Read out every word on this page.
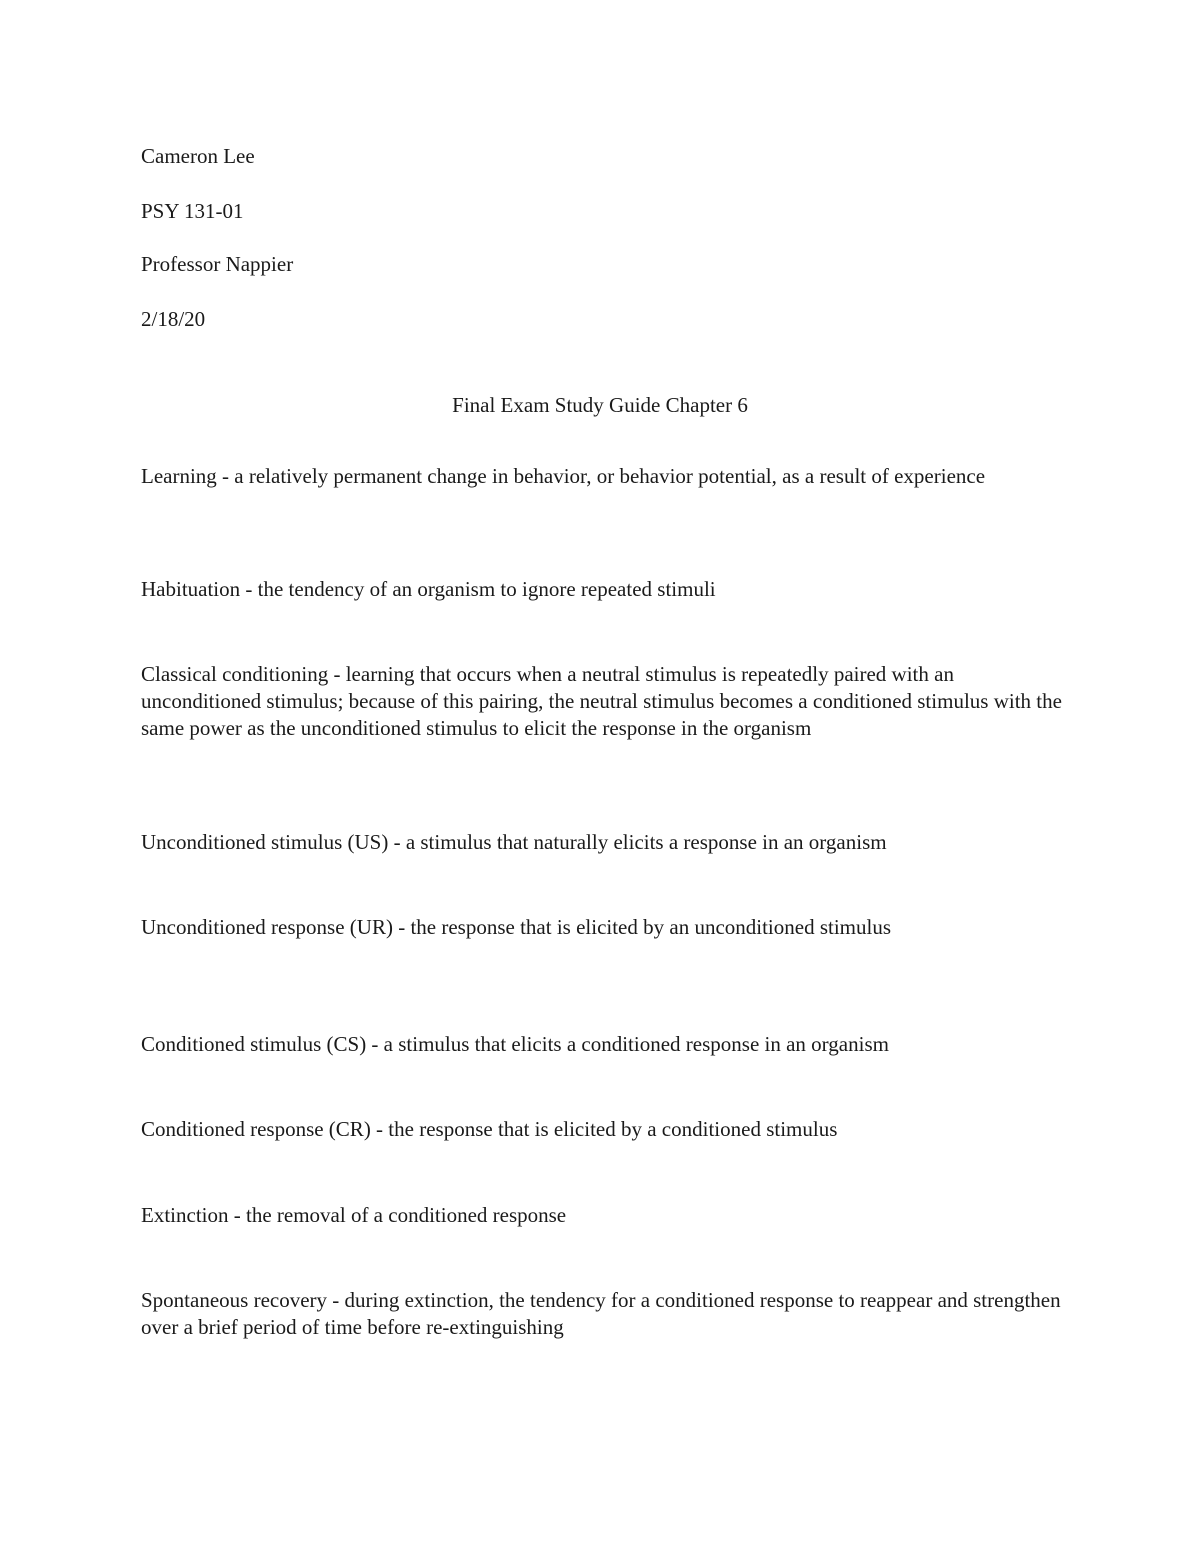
Cameron Lee
PSY 131-01
Professor Nappier
2/18/20
Final Exam Study Guide Chapter 6
Learning - a relatively permanent change in behavior, or behavior potential, as a result of experience
Habituation - the tendency of an organism to ignore repeated stimuli
Classical conditioning - learning that occurs when a neutral stimulus is repeatedly paired with an unconditioned stimulus; because of this pairing, the neutral stimulus becomes a conditioned stimulus with the same power as the unconditioned stimulus to elicit the response in the organism
Unconditioned stimulus (US) - a stimulus that naturally elicits a response in an organism
Unconditioned response (UR) - the response that is elicited by an unconditioned stimulus
Conditioned stimulus (CS) - a stimulus that elicits a conditioned response in an organism
Conditioned response (CR) - the response that is elicited by a conditioned stimulus
Extinction - the removal of a conditioned response
Spontaneous recovery - during extinction, the tendency for a conditioned response to reappear and strengthen over a brief period of time before re-extinguishing
